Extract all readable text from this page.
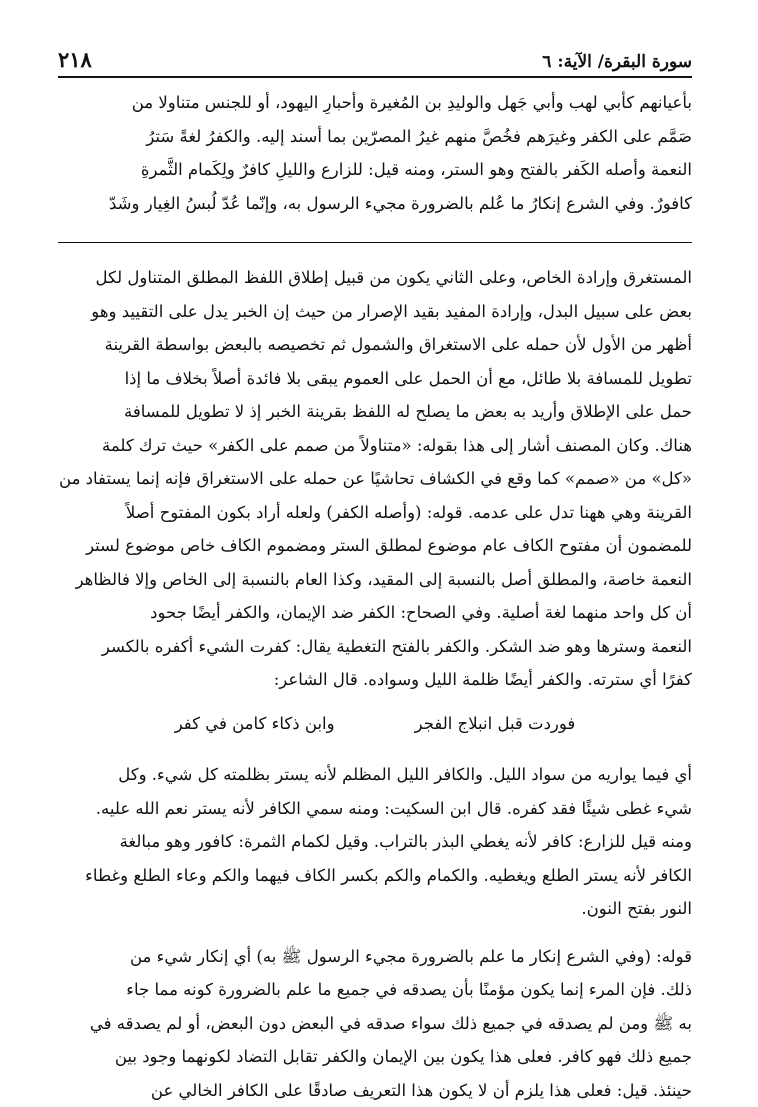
٢١٨	سورة البقرة/ الآية: ٦

بأعيانهم كأبي لهب وأبي جَهل والوليدِ بن المُغيرة وأحبارِ اليهود، أو للجنس متناولا من

صَمَّم على الكفر وغيرَهم فخُصَّ منهم غيرُ المصرّين بما أسند إليه. والكفرُ لغةً سَترُ

النعمة وأصله الكَفر بالفتح وهو الستر، ومنه قيل: للزارع والليلِ كافرٌ ولِكَمام الثَّمرةِ

كافورٌ. وفي الشرع إنكارُ ما عُلم بالضرورة مجيء الرسول به، وإنّما عُدّ لُبسُ الغِيار وشَدّ

المستغرق وإرادة الخاص، وعلى الثاني يكون من قبيل إطلاق اللفظ المطلق المتناول لكل

بعض على سبيل البدل، وإرادة المفيد بقيد الإصرار من حيث إن الخبر يدل على التقييد وهو

أظهر من الأول لأن حمله على الاستغراق والشمول ثم تخصيصه بالبعض بواسطة القرينة

تطويل للمسافة بلا طائل، مع أن الحمل على العموم يبقى بلا فائدة أصلاً بخلاف ما إذا

حمل على الإطلاق وأريد به بعض ما يصلح له اللفظ بقرينة الخبر إذ لا تطويل للمسافة

هناك. وكان المصنف أشار إلى هذا بقوله: «متناولاً من صمم على الكفر» حيث ترك كلمة

«كل» من «صمم» كما وقع في الكشاف تحاشيًا عن حمله على الاستغراق فإنه إنما يستفاد من

القرينة وهي ههنا تدل على عدمه. قوله: (وأصله الكفر) ولعله أراد بكون المفتوح أصلاً

للمضمون أن مفتوح الكاف عام موضوع لمطلق الستر ومضموم الكاف خاص موضوع لستر

النعمة خاصة، والمطلق أصل بالنسبة إلى المقيد، وكذا العام بالنسبة إلى الخاص وإلا فالظاهر

أن كل واحد منهما لغة أصلية. وفي الصحاح: الكفر ضد الإيمان، والكفر أيضًا جحود

النعمة وسترها وهو ضد الشكر. والكفر بالفتح التغطية يقال: كفرت الشيء أكفره بالكسر

كفرًا أي سترته. والكفر أيضًا ظلمة الليل وسواده. قال الشاعر:

فوردت قبل انبلاج الفجر
وابن ذكاء كامن في كفر

أي فيما يواريه من سواد الليل. والكافر الليل المظلم لأنه يستر بظلمته كل شيء. وكل

شيء غطى شيئًا فقد كفره. قال ابن السكيت: ومنه سمي الكافر لأنه يستر نعم الله عليه.

ومنه قيل للزارع: كافر لأنه يغطي البذر بالتراب. وقيل لكمام الثمرة: كافور وهو مبالغة

الكافر لأنه يستر الطلع ويغطيه. والكمام والكم بكسر الكاف فيهما والكم وعاء الطلع وغطاء

النور بفتح النون.

قوله: (وفي الشرع إنكار ما علم بالضرورة مجيء الرسول ﷺ به) أي إنكار شيء من

ذلك. فإن المرء إنما يكون مؤمنًا بأن يصدقه في جميع ما علم بالضرورة كونه مما جاء

به ﷺ ومن لم يصدقه في جميع ذلك سواء صدقه في البعض دون البعض، أو لم يصدقه في

جميع ذلك فهو كافر. فعلى هذا يكون بين الإيمان والكفر تقابل التضاد لكونهما وجود بين

حينئذ. قيل: فعلى هذا يلزم أن لا يكون هذا التعريف صادقًا على الكافر الخالي عن
